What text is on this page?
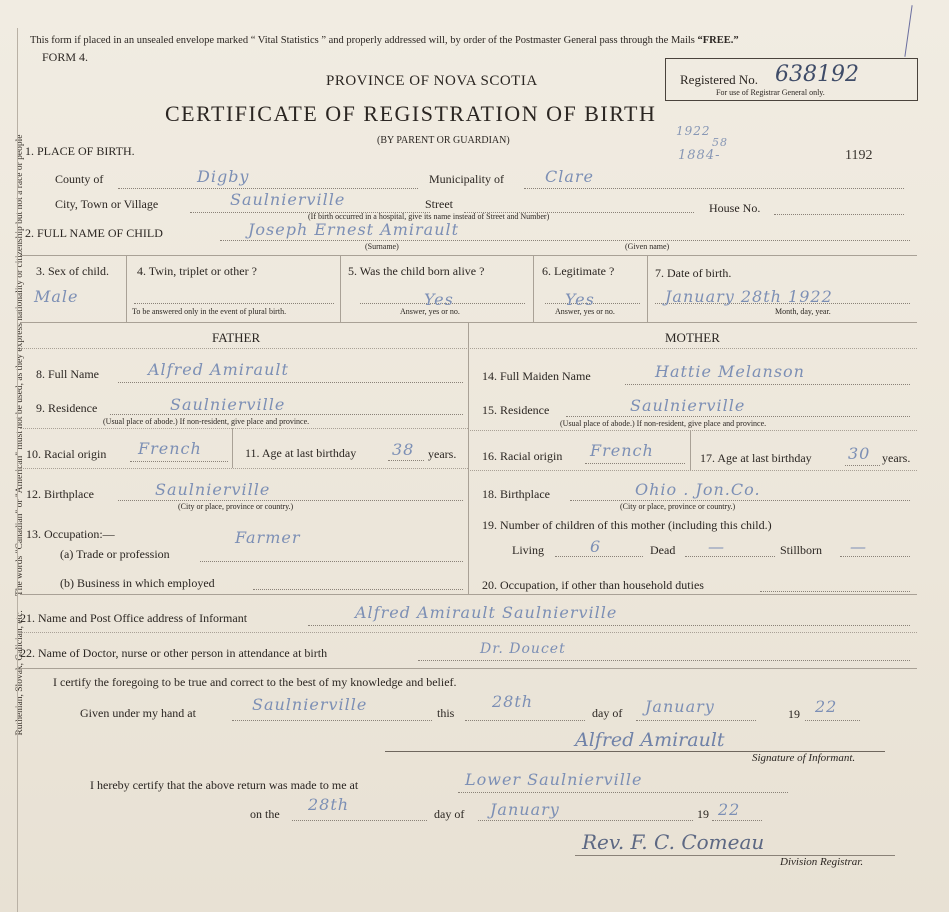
Ruthenian, Slovak, Galician, etc.      The words "Canadian" or "American" must not be used, as they express nationality or citizenship but not a race or people
This form if placed in an unsealed envelope marked “ Vital Statistics ” and properly addressed will, by order of the Postmaster General pass through the Mails “FREE.”
FORM 4.
PROVINCE OF NOVA SCOTIA
CERTIFICATE OF REGISTRATION OF BIRTH
(BY PARENT OR GUARDIAN)
Registered No. 638192
For use of Registrar General only.
1922
58
1884-	1192
1. PLACE OF BIRTH.
County of	Digby	Municipality of	Clare
City, Town or Village	Saulnierville	Street	House No.
(If birth occurred in a hospital, give its name instead of Street and Number)
2. FULL NAME OF CHILD	Joseph Ernest Amirault
(Surname)	(Given name)
3. Sex of child.
Male
4. Twin, triplet or other ?
To be answered only in the event of plural birth.
5. Was the child born alive ?
Yes
Answer, yes or no.
6. Legitimate ?
Yes
Answer, yes or no.
7. Date of birth.
January 28th 1922
Month, day, year.
FATHER	MOTHER
8. Full Name	Alfred Amirault
9. Residence	Saulnierville
(Usual place of abode.) If non-resident, give place and province.
10. Racial origin French	11. Age at last birthday 38 years.
12. Birthplace	Saulnierville
(City or place, province or country.)
13. Occupation:—
(a) Trade or profession
Farmer
(b) Business in which employed
14. Full Maiden Name	Hattie Melanson
15. Residence	Saulnierville
(Usual place of abode.) If non-resident, give place and province.
16. Racial origin French	17. Age at last birthday 30 years.
18. Birthplace	Ohio . Jon.Co.
(City or place, province or country.)
19. Number of children of this mother (including this child.)
Living	6	Dead —	Stillborn —
20. Occupation, if other than household duties
21. Name and Post Office address of Informant	Alfred Amirault Saulnierville
22. Name of Doctor, nurse or other person in attendance at birth	Dr. Doucet
I certify the foregoing to be true and correct to the best of my knowledge and belief.
Given under my hand at	Saulnierville	this
28th
day of January	19 22
Alfred Amirault
Signature of Informant.
I hereby certify that the above return was made to me at	Lower Saulnierville
on the 28th	day of January	19 22
Rev. F. C. Comeau
Division Registrar.
